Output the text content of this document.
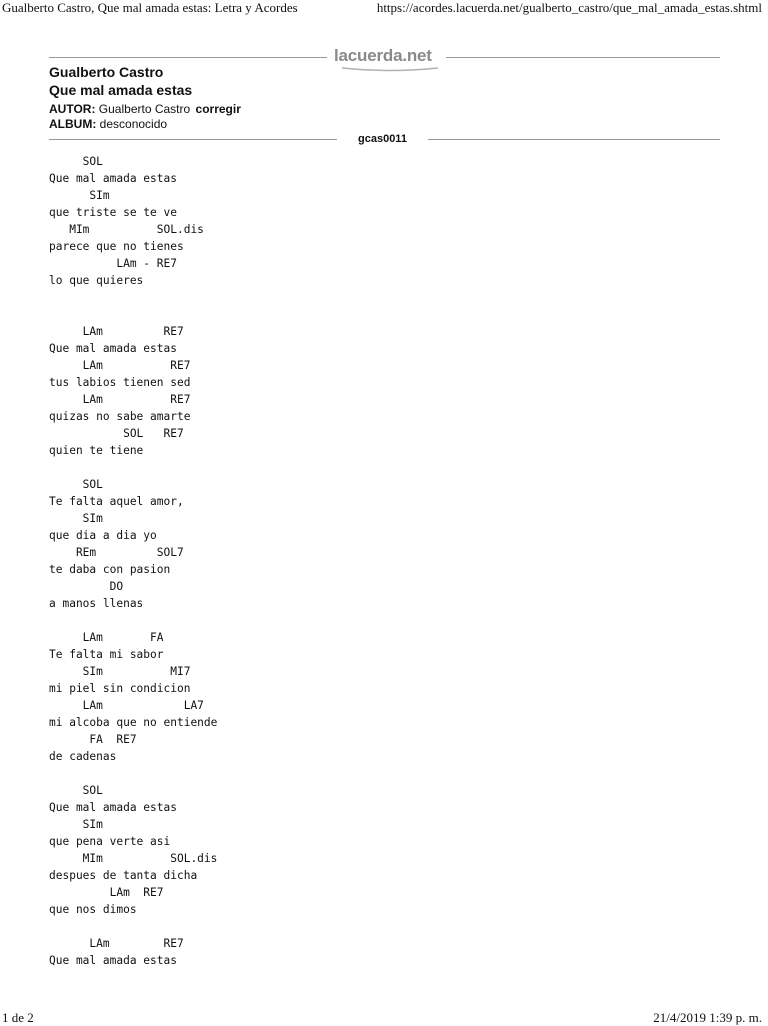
Gualberto Castro, Que mal amada estas: Letra y Acordes	https://acordes.lacuerda.net/gualberto_castro/que_mal_amada_estas.shtml
lacuerda.net
Gualberto Castro
Que mal amada estas
AUTOR: Gualberto Castro corregir
ALBUM: desconocido
gcas0011
SOL
Que mal amada estas
SIm
que triste se te ve
MIm          SOL.dis
parece que no tienes
LAm - RE7
lo que quieres
LAm         RE7
Que mal amada estas
LAm          RE7
tus labios tienen sed
LAm          RE7
quizas no sabe amarte
SOL   RE7
quien te tiene
SOL
Te falta aquel amor,
SIm
que dia a dia yo
REm         SOL7
te daba con pasion
DO
a manos llenas
LAm       FA
Te falta mi sabor
SIm          MI7
mi piel sin condicion
LAm            LA7
mi alcoba que no entiende
FA  RE7
de cadenas
SOL
Que mal amada estas
SIm
que pena verte asi
MIm          SOL.dis
despues de tanta dicha
LAm  RE7
que nos dimos
LAm        RE7
Que mal amada estas
1 de 2	21/4/2019 1:39 p. m.
